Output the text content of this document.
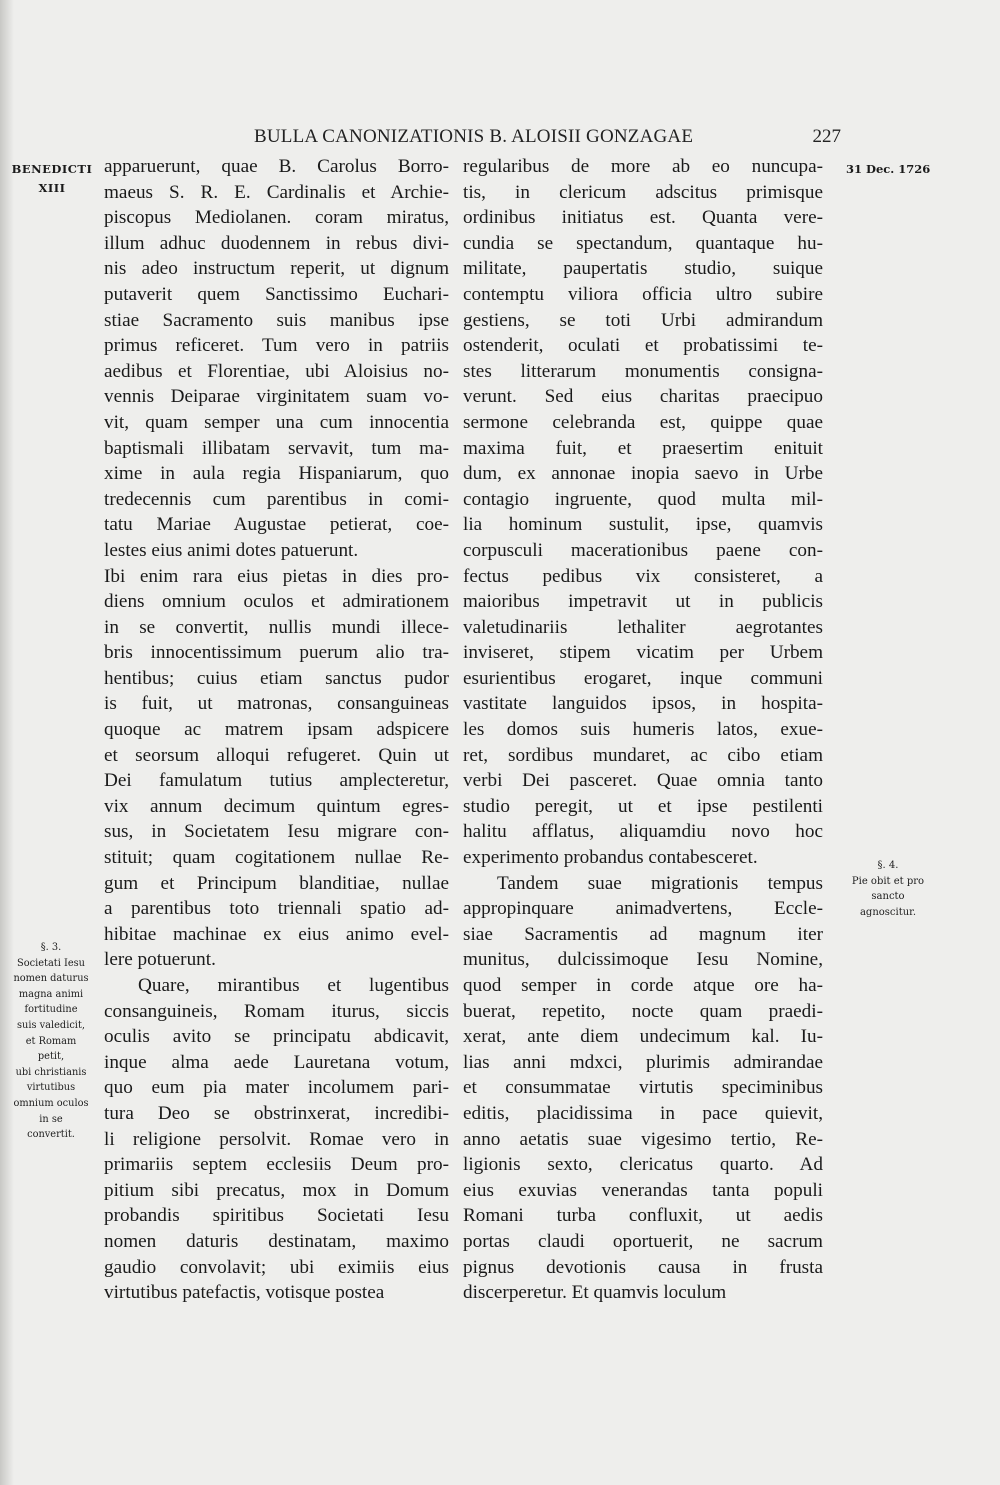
BULLA CANONIZATIONIS B. ALOISII GONZAGAE	227
BENEDICTI
XIII
31 Dec. 1726
§. 3.
Societati Iesu
nomen daturus
magna animi
fortitudine
suis valedicit,
et Romam
petit,
ubi christianis
virtutibus
omnium oculos
in se
convertit.
§. 4.
Pie obit et pro
sancto
agnoscitur.
apparuerunt, quae B. Carolus Borro-
maeus S. R. E. Cardinalis et Archie-
piscopus Mediolanen. coram miratus,
illum adhuc duodennem in rebus divi-
nis adeo instructum reperit, ut dignum
putaverit quem Sanctissimo Euchari-
stiae Sacramento suis manibus ipse
primus reficeret. Tum vero in patriis
aedibus et Florentiae, ubi Aloisius no-
vennis Deiparae virginitatem suam vo-
vit, quam semper una cum innocentia
baptismali illibatam servavit, tum ma-
xime in aula regia Hispaniarum, quo
tredecennis cum parentibus in comi-
tatu Mariae Augustae petierat, coe-
lestes eius animi dotes patuerunt.
Ibi enim rara eius pietas in dies pro-
diens omnium oculos et admirationem
in se convertit, nullis mundi illece-
bris innocentissimum puerum alio tra-
hentibus; cuius etiam sanctus pudor
is fuit, ut matronas, consanguineas
quoque ac matrem ipsam adspicere
et seorsum alloqui refugeret. Quin ut
Dei famulatum tutius amplecteretur,
vix annum decimum quintum egres-
sus, in Societatem Iesu migrare con-
stituit; quam cogitationem nullae Re-
gum et Principum blanditiae, nullae
a parentibus toto triennali spatio ad-
hibitae machinae ex eius animo evel-
lere potuerunt.
Quare, mirantibus et lugentibus
consanguineis, Romam iturus, siccis
oculis avito se principatu abdicavit,
inque alma aede Lauretana votum,
quo eum pia mater incolumem pari-
tura Deo se obstrinxerat, incredibi-
li religione persolvit. Romae vero in
primariis septem ecclesiis Deum pro-
pitium sibi precatus, mox in Domum
probandis spiritibus Societati Iesu
nomen daturis destinatam, maximo
gaudio convolavit; ubi eximiis eius
virtutibus patefactis, votisque postea
regularibus de more ab eo nuncupa-
tis, in clericum adscitus primisque
ordinibus initiatus est. Quanta vere-
cundia se spectandum, quantaque hu-
militate, paupertatis studio, suique
contemptu viliora officia ultro subire
gestiens, se toti Urbi admirandum
ostenderit, oculati et probatissimi te-
stes litterarum monumentis consigna-
verunt. Sed eius charitas praecipuo
sermone celebranda est, quippe quae
maxima fuit, et praesertim enituit
dum, ex annonae inopia saevo in Urbe
contagio ingruente, quod multa mil-
lia hominum sustulit, ipse, quamvis
corpusculi macerationibus paene con-
fectus pedibus vix consisteret, a
maioribus impetravit ut in publicis
valetudinariis lethaliter aegrotantes
inviseret, stipem vicatim per Urbem
esurientibus erogaret, inque communi
vastitate languidos ipsos, in hospita-
les domos suis humeris latos, exue-
ret, sordibus mundaret, ac cibo etiam
verbi Dei pasceret. Quae omnia tanto
studio peregit, ut et ipse pestilenti
halitu afflatus, aliquamdiu novo hoc
experimento probandus contabesceret.
Tandem suae migrationis tempus
appropinquare animadvertens, Eccle-
siae Sacramentis ad magnum iter
munitus, dulcissimoque Iesu Nomine,
quod semper in corde atque ore ha-
buerat, repetito, nocte quam praedi-
xerat, ante diem undecimum kal. Iu-
lias anni mdxci, plurimis admirandae
et consummatae virtutis speciminibus
editis, placidissima in pace quievit,
anno aetatis suae vigesimo tertio, Re-
ligionis sexto, clericatus quarto. Ad
eius exuvias venerandas tanta populi
Romani turba confluxit, ut aedis
portas claudi oportuerit, ne sacrum
pignus devotionis causa in frusta
discerperetur. Et quamvis loculum
